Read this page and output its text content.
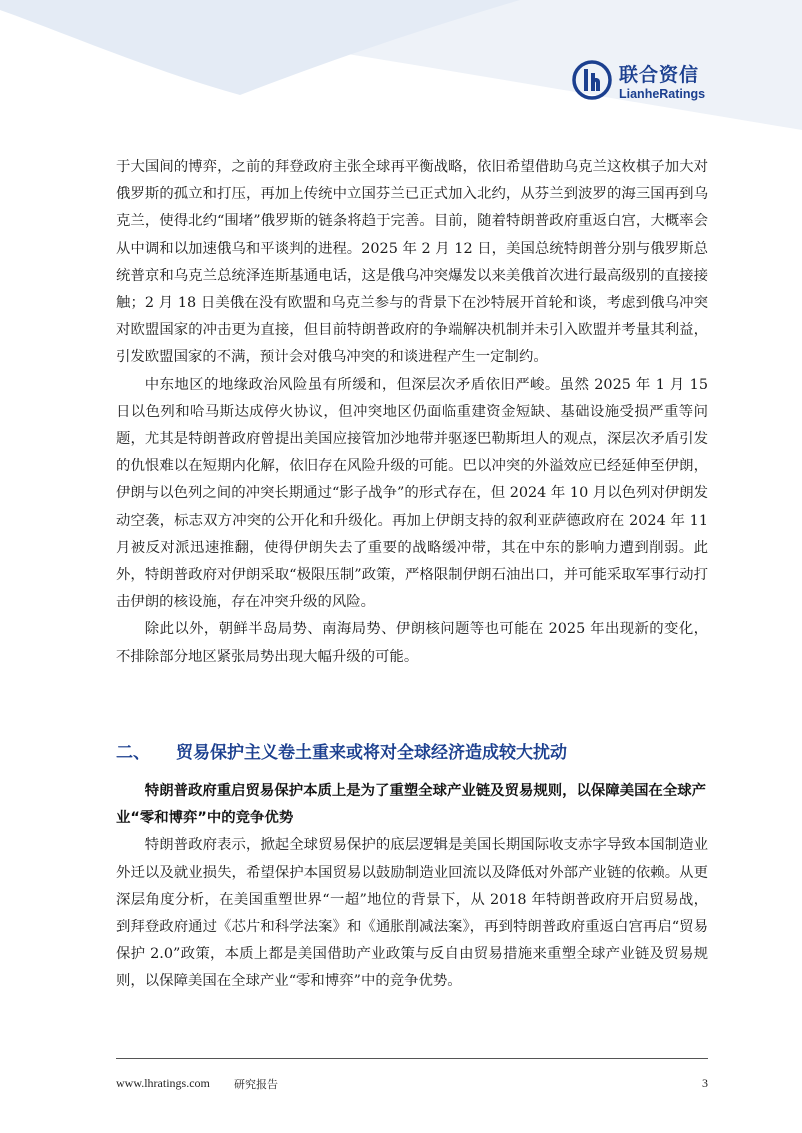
联合资信
LianheRatings

于大国间的博弈，之前的拜登政府主张全球再平衡战略，依旧希望借助乌克兰这枚棋子加大对俄罗斯的孤立和打压，再加上传统中立国芬兰已正式加入北约，从芬兰到波罗的海三国再到乌克兰，使得北约“围堵”俄罗斯的链条将趋于完善。目前，随着特朗普政府重返白宫，大概率会从中调和以加速俄乌和平谈判的进程。2025 年 2 月 12 日，美国总统特朗普分别与俄罗斯总统普京和乌克兰总统泽连斯基通电话，这是俄乌冲突爆发以来美俄首次进行最高级别的直接接触；2 月 18 日美俄在没有欧盟和乌克兰参与的背景下在沙特展开首轮和谈，考虑到俄乌冲突对欧盟国家的冲击更为直接，但目前特朗普政府的争端解决机制并未引入欧盟并考量其利益，引发欧盟国家的不满，预计会对俄乌冲突的和谈进程产生一定制约。

中东地区的地缘政治风险虽有所缓和，但深层次矛盾依旧严峻。虽然 2025 年 1 月 15 日以色列和哈马斯达成停火协议，但冲突地区仍面临重建资金短缺、基础设施受损严重等问题，尤其是特朗普政府曾提出美国应接管加沙地带并驱逐巴勒斯坦人的观点，深层次矛盾引发的仇恨难以在短期内化解，依旧存在风险升级的可能。巴以冲突的外溢效应已经延伸至伊朗，伊朗与以色列之间的冲突长期通过“影子战争”的形式存在，但 2024 年 10 月以色列对伊朗发动空袭，标志双方冲突的公开化和升级化。再加上伊朗支持的叙利亚萨德政府在 2024 年 11 月被反对派迅速推翻，使得伊朗失去了重要的战略缓冲带，其在中东的影响力遭到削弱。此外，特朗普政府对伊朗采取“极限压制”政策，严格限制伊朗石油出口，并可能采取军事行动打击伊朗的核设施，存在冲突升级的风险。

除此以外，朝鲜半岛局势、南海局势、伊朗核问题等也可能在 2025 年出现新的变化，不排除部分地区紧张局势出现大幅升级的可能。

二、 贸易保护主义卷土重来或将对全球经济造成较大扰动

特朗普政府重启贸易保护本质上是为了重塑全球产业链及贸易规则，以保障美国在全球产业“零和博弈”中的竞争优势

特朗普政府表示，掀起全球贸易保护的底层逻辑是美国长期国际收支赤字导致本国制造业外迁以及就业损失，希望保护本国贸易以鼓励制造业回流以及降低对外部产业链的依赖。从更深层角度分析，在美国重塑世界“一超”地位的背景下，从 2018 年特朗普政府开启贸易战，到拜登政府通过《芯片和科学法案》和《通胀削减法案》，再到特朗普政府重返白宫再启“贸易保护 2.0”政策，本质上都是美国借助产业政策与反自由贸易措施来重塑全球产业链及贸易规则，以保障美国在全球产业“零和博弈”中的竞争优势。

www.lhratings.com 研究报告	3
